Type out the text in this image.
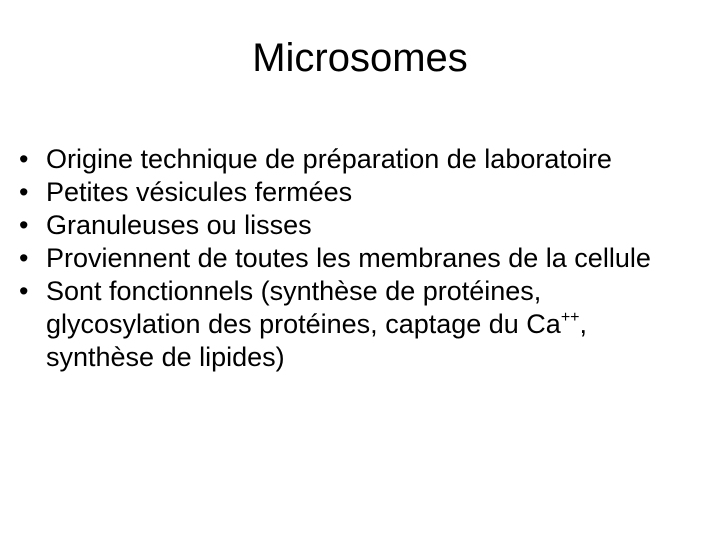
Microsomes
• Origine technique de préparation de laboratoire
• Petites vésicules fermées
• Granuleuses ou lisses
• Proviennent de toutes les membranes de la cellule
• Sont fonctionnels (synthèse de protéines, glycosylation des protéines, captage du Ca++, synthèse de lipides)
